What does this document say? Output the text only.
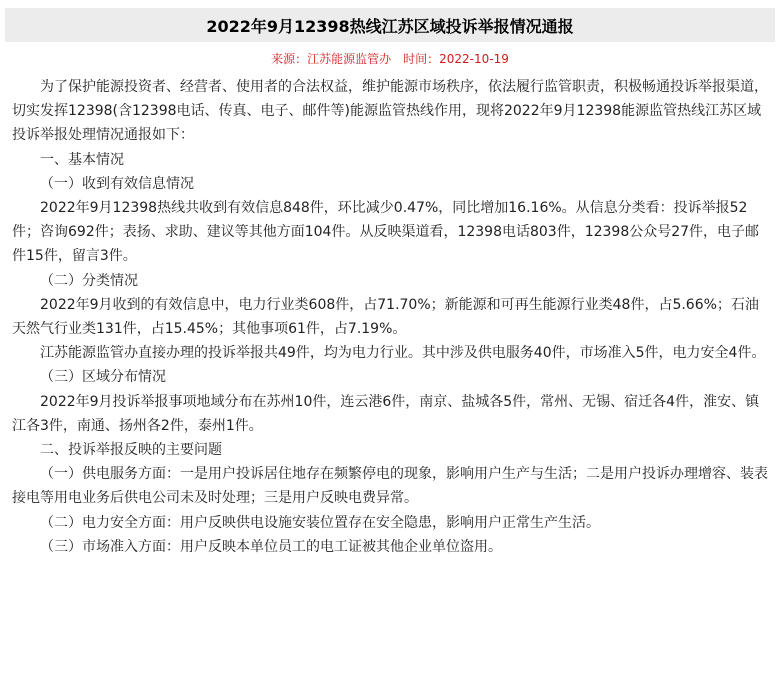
2022年9月12398热线江苏区域投诉举报情况通报
来源：江苏能源监管办 时间：2022-10-19

为了保护能源投资者、经营者、使用者的合法权益，维护能源市场秩序，依法履行监管职责，积极畅通投诉举报渠道，切实发挥12398(含12398电话、传真、电子、邮件等)能源监管热线作用，现将2022年9月12398能源监管热线江苏区域投诉举报处理情况通报如下：

一、基本情况

（一）收到有效信息情况

2022年9月12398热线共收到有效信息848件，环比减少0.47%，同比增加16.16%。从信息分类看：投诉举报52件；咨询692件；表扬、求助、建议等其他方面104件。从反映渠道看，12398电话803件，12398公众号27件，电子邮件15件，留言3件。

（二）分类情况

2022年9月收到的有效信息中，电力行业类608件，占71.70%；新能源和可再生能源行业类48件，占5.66%；石油天然气行业类131件，占15.45%；其他事项61件，占7.19%。

江苏能源监管办直接办理的投诉举报共49件，均为电力行业。其中涉及供电服务40件，市场准入5件，电力安全4件。

（三）区域分布情况

2022年9月投诉举报事项地域分布在苏州10件，连云港6件，南京、盐城各5件，常州、无锡、宿迁各4件，淮安、镇江各3件，南通、扬州各2件，泰州1件。

二、投诉举报反映的主要问题

（一）供电服务方面：一是用户投诉居住地存在频繁停电的现象，影响用户生产与生活；二是用户投诉办理增容、装表接电等用电业务后供电公司未及时处理；三是用户反映电费异常。

（二）电力安全方面：用户反映供电设施安装位置存在安全隐患，影响用户正常生产生活。

（三）市场准入方面：用户反映本单位员工的电工证被其他企业单位盗用。
